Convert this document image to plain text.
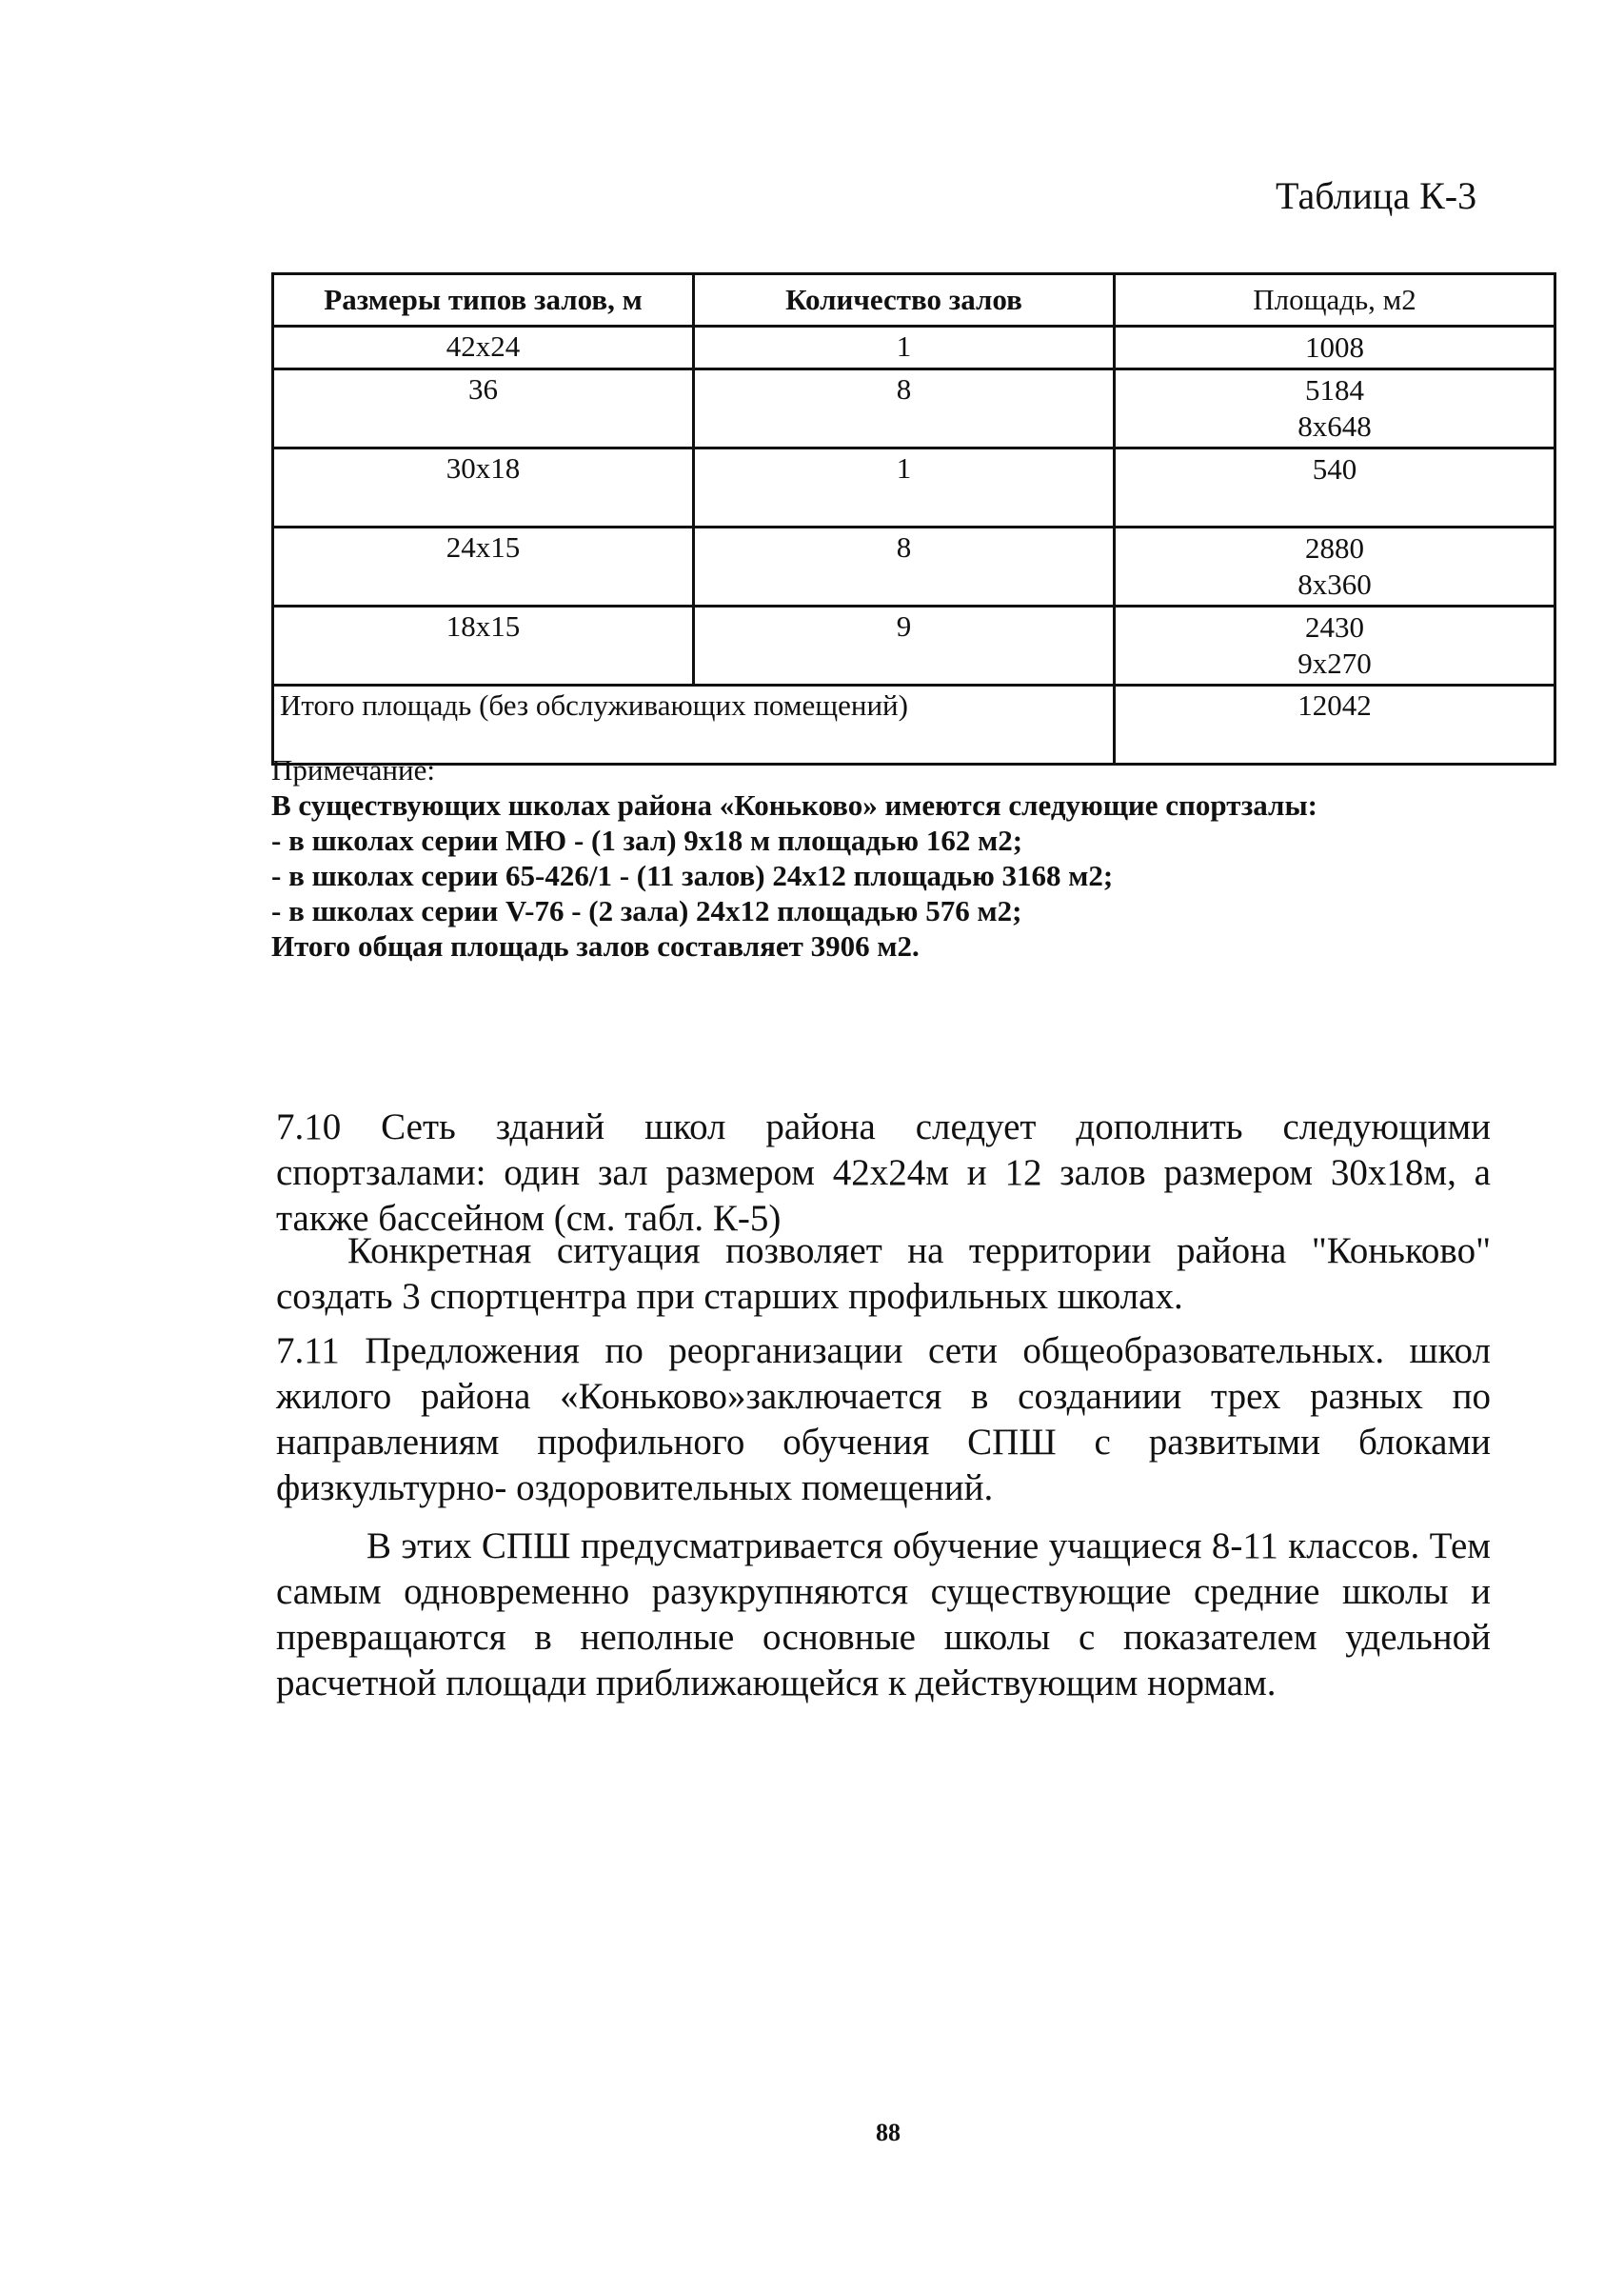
Таблица К-3
Размеры типов залов, м	Количество залов	Площадь, м2
42х24	1	1008

36	8	5184
8х648

30х18	1	540

24х15	8	2880
8х360

18х15	9	2430
9х270

Итого площадь (без обслуживающих помещений)		12042
Примечание:
В существующих школах района «Коньково» имеются следующие спортзалы:
- в школах серии МЮ - (1 зал) 9х18 м площадью 162 м2;
- в школах серии 65-426/1 - (11 залов) 24х12 площадью 3168 м2;
- в школах серии V-76 - (2 зала) 24х12 площадью 576 м2;
Итого общая площадь залов составляет 3906 м2.

7.10 Сеть зданий школ района следует дополнить следующими спортзалами: один зал размером 42х24м и 12 залов размером 30х18м, а также бассейном (см. табл. К-5)

Конкретная ситуация позволяет на территории района "Коньково" создать 3 спортцентра при старших профильных школах.

7.11 Предложения по реорганизации сети общеобразовательных. школ жилого района «Коньково»заключается в созданиии трех разных по направлениям профильного обучения СПШ с развитыми блоками физкультурно- оздоровительных помещений.

В этих СПШ предусматривается обучение учащиеся 8-11 классов. Тем самым одновременно разукрупняются существующие средние школы и превращаются в неполные основные школы с показателем удельной расчетной площади приближающейся к действующим нормам.

88
